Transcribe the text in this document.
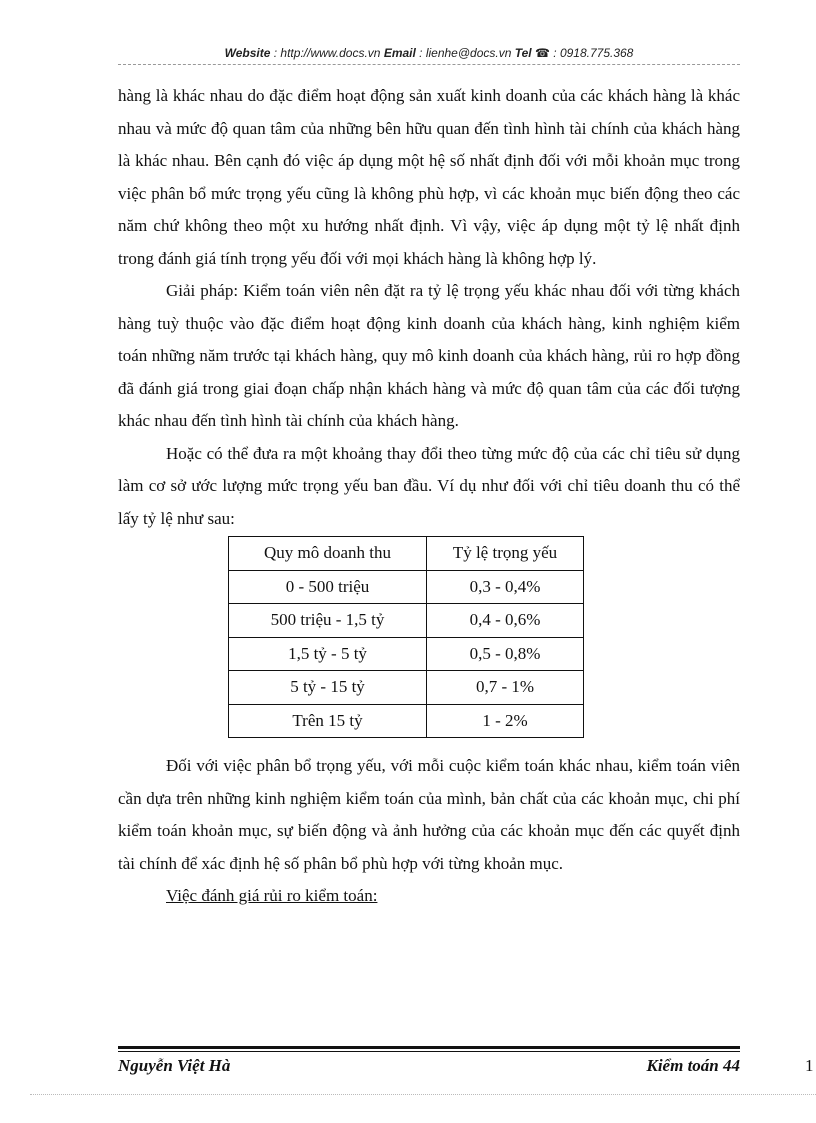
Website : http://www.docs.vn Email : lienhe@docs.vn Tel ☎ : 0918.775.368

hàng là khác nhau do đặc điểm hoạt động sản xuất kinh doanh của các khách hàng là khác nhau và mức độ quan tâm của những bên hữu quan đến tình hình tài chính của khách hàng là khác nhau. Bên cạnh đó việc áp dụng một hệ số nhất định đối với mỗi khoản mục trong việc phân bổ mức trọng yếu cũng là không phù hợp, vì các khoản mục biến động theo các năm chứ không theo một xu hướng nhất định. Vì vậy, việc áp dụng một tỷ lệ nhất định trong đánh giá tính trọng yếu đối với mọi khách hàng là không hợp lý.

Giải pháp: Kiểm toán viên nên đặt ra tỷ lệ trọng yếu khác nhau đối với từng khách hàng tuỳ thuộc vào đặc điểm hoạt động kinh doanh của khách hàng, kinh nghiệm kiểm toán những năm trước tại khách hàng, quy mô kinh doanh của khách hàng, rủi ro hợp đồng đã đánh giá trong giai đoạn chấp nhận khách hàng và mức độ quan tâm của các đối tượng khác nhau đến tình hình tài chính của khách hàng.

Hoặc có thể đưa ra một khoảng thay đổi theo từng mức độ của các chỉ tiêu sử dụng làm cơ sở ước lượng mức trọng yếu ban đầu. Ví dụ như đối với chỉ tiêu doanh thu có thể lấy tỷ lệ như sau:

Quy mô doanh thu	Tỷ lệ trọng yếu
0 - 500 triệu	0,3 - 0,4%
500 triệu - 1,5 tỷ	0,4 - 0,6%
1,5 tỷ - 5 tỷ	0,5 - 0,8%
5 tỷ - 15 tỷ	0,7 - 1%
Trên 15 tỷ	1 - 2%

Đối với việc phân bổ trọng yếu, với mỗi cuộc kiểm toán khác nhau, kiểm toán viên cần dựa trên những kinh nghiệm kiểm toán của mình, bản chất của các khoản mục, chi phí kiểm toán khoản mục, sự biến động và ảnh hưởng của các khoản mục đến các quyết định tài chính để xác định hệ số phân bổ phù hợp với từng khoản mục.

Việc đánh giá rủi ro kiểm toán:

Nguyễn Việt Hà	Kiểm toán 44	1
